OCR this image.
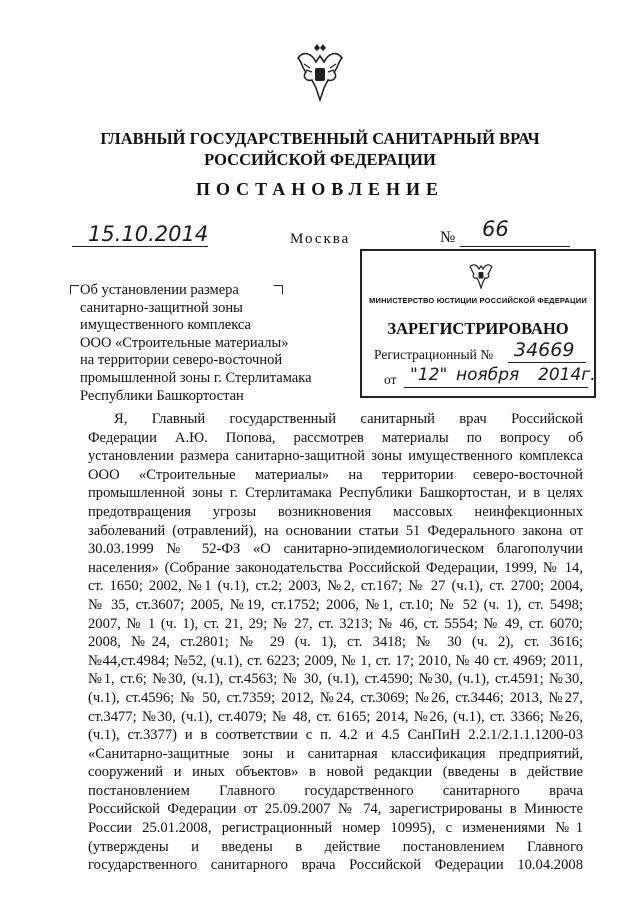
ГЛАВНЫЙ ГОСУДАРСТВЕННЫЙ САНИТАРНЫЙ ВРАЧ
РОССИЙСКОЙ ФЕДЕРАЦИИ
ПОСТАНОВЛЕНИЕ
15.10.2014	Москва	№ 66
Об установлении размера
санитарно-защитной зоны
имущественного комплекса
ООО «Строительные материалы»
на территории северо-восточной
промышленной зоны г. Стерлитамака
Республики Башкортостан
МИНИСТЕРСТВО ЮСТИЦИИ РОССИЙСКОЙ ФЕДЕРАЦИИ
ЗАРЕГИСТРИРОВАНО
Регистрационный № 34669
от "12" ноября 2014г.
Я, Главный государственный санитарный врач Российской
Федерации А.Ю. Попова, рассмотрев материалы по вопросу об
установлении размера санитарно-защитной зоны имущественного комплекса
ООО «Строительные материалы» на территории северо-восточной
промышленной зоны г. Стерлитамака Республики Башкортостан, и в целях
предотвращения угрозы возникновения массовых неинфекционных
заболеваний (отравлений), на основании статьи 51 Федерального закона от
30.03.1999 № 52-ФЗ «О санитарно-эпидемиологическом благополучии
населения» (Собрание законодательства Российской Федерации, 1999, № 14,
ст. 1650; 2002, №1 (ч.1), ст.2; 2003, №2, ст.167; № 27 (ч.1), ст. 2700; 2004,
№ 35, ст.3607; 2005, №19, ст.1752; 2006, №1, ст.10; № 52 (ч. 1), ст. 5498;
2007, № 1 (ч. 1), ст. 21, 29; № 27, ст. 3213; № 46, ст. 5554; № 49, ст. 6070;
2008, №24, ст.2801; № 29 (ч. 1), ст. 3418; № 30 (ч. 2), ст. 3616;
№44,ст.4984; №52, (ч.1), ст. 6223; 2009, № 1, ст. 17; 2010, № 40 ст. 4969; 2011,
№1, ст.6; №30, (ч.1), ст.4563; № 30, (ч.1), ст.4590; №30, (ч.1), ст.4591; №30,
(ч.1), ст.4596; № 50, ст.7359; 2012, №24, ст.3069; №26, ст.3446; 2013, №27,
ст.3477; №30, (ч.1), ст.4079; № 48, ст. 6165; 2014, №26, (ч.1), ст. 3366; №26,
(ч.1), ст.3377) и в соответствии с п. 4.2 и 4.5 СанПиН 2.2.1/2.1.1.1200-03
«Санитарно-защитные зоны и санитарная классификация предприятий,
сооружений и иных объектов» в новой редакции (введены в действие
постановлением Главного государственного санитарного врача
Российской Федерации от 25.09.2007 № 74, зарегистрированы в Минюсте
России 25.01.2008, регистрационный номер 10995), с изменениями №1
(утверждены и введены в действие постановлением Главного
государственного санитарного врача Российской Федерации 10.04.2008
